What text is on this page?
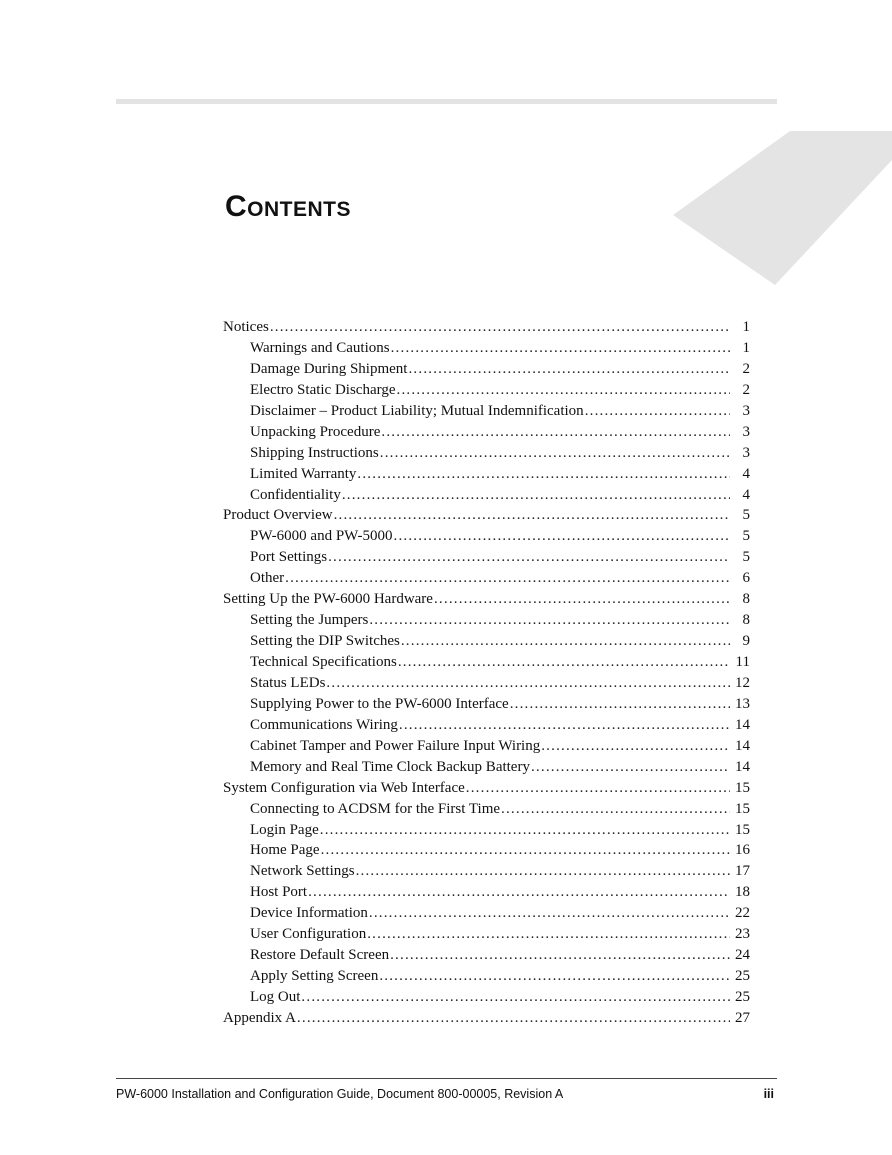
Contents
Notices .....	1
Warnings and Cautions .....	1
Damage During Shipment .....	2
Electro Static Discharge .....	2
Disclaimer – Product Liability; Mutual Indemnification .....	3
Unpacking Procedure .....	3
Shipping Instructions .....	3
Limited Warranty .....	4
Confidentiality .....	4
Product Overview .....	5
PW-6000 and PW-5000 .....	5
Port Settings .....	5
Other .....	6
Setting Up the PW-6000 Hardware .....	8
Setting the Jumpers .....	8
Setting the DIP Switches .....	9
Technical Specifications .....	11
Status LEDs .....	12
Supplying Power to the PW-6000 Interface .....	13
Communications Wiring .....	14
Cabinet Tamper and Power Failure Input Wiring .....	14
Memory and Real Time Clock Backup Battery .....	14
System Configuration via Web Interface .....	15
Connecting to ACDSM for the First Time .....	15
Login Page .....	15
Home Page .....	16
Network Settings .....	17
Host Port .....	18
Device Information .....	22
User Configuration .....	23
Restore Default Screen .....	24
Apply Setting Screen .....	25
Log Out .....	25
Appendix A .....	27
PW-6000 Installation and Configuration Guide, Document 800-00005, Revision A	iii
